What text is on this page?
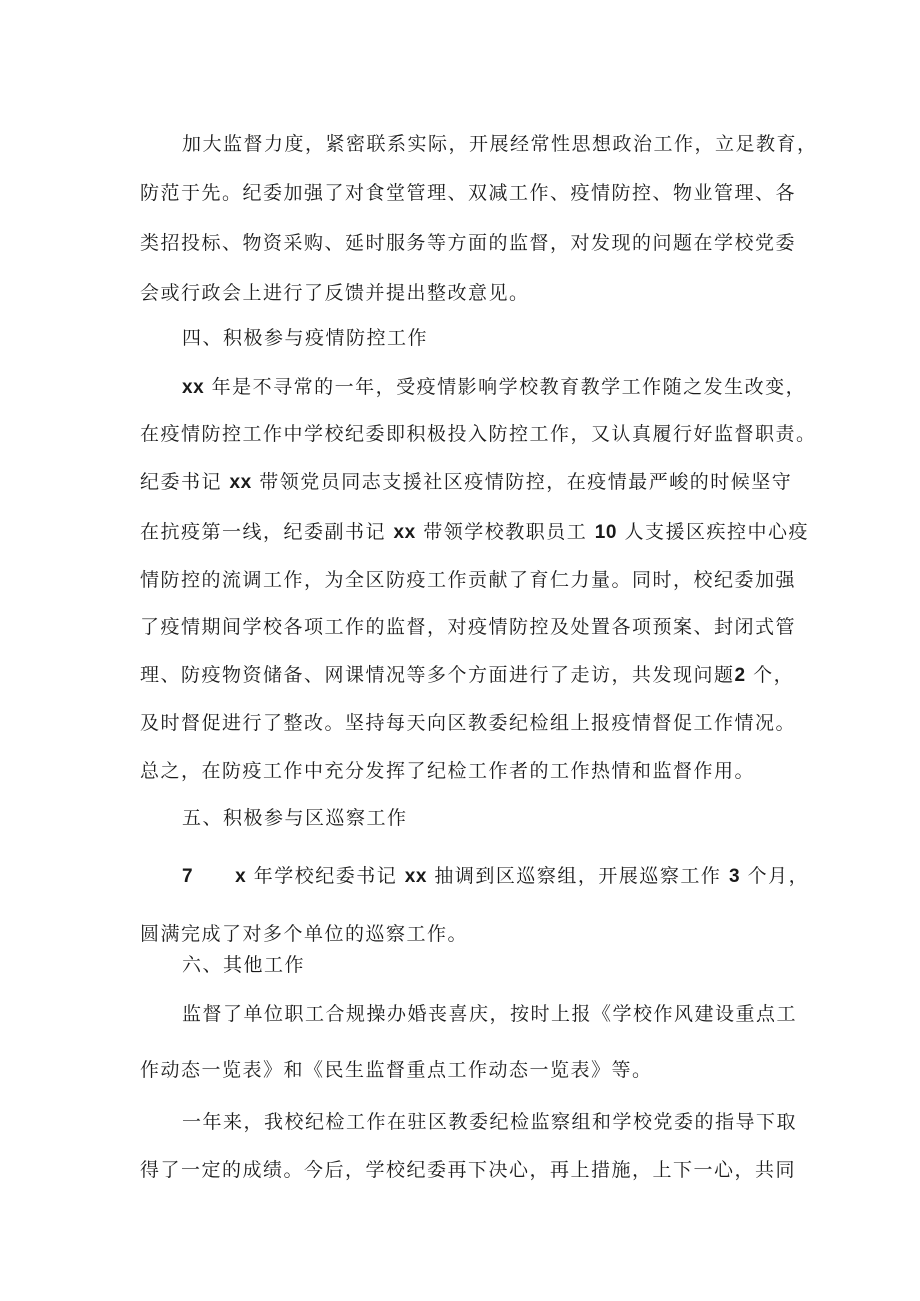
加大监督力度，紧密联系实际，开展经常性思想政治工作，立足教育，
防范于先。纪委加强了对食堂管理、双减工作、疫情防控、物业管理、各
类招投标、物资采购、延时服务等方面的监督，对发现的问题在学校党委
会或行政会上进行了反馈并提出整改意见。
四、积极参与疫情防控工作
xx 年是不寻常的一年，受疫情影响学校教育教学工作随之发生改变，
在疫情防控工作中学校纪委即积极投入防控工作，又认真履行好监督职责。
纪委书记 xx 带领党员同志支援社区疫情防控，在疫情最严峻的时候坚守
在抗疫第一线，纪委副书记 xx 带领学校教职员工 10 人支援区疾控中心疫
情防控的流调工作，为全区防疫工作贡献了育仁力量。同时，校纪委加强
了疫情期间学校各项工作的监督，对疫情防控及处置各项预案、封闭式管
理、防疫物资储备、网课情况等多个方面进行了走访，共发现问题2 个，
及时督促进行了整改。坚持每天向区教委纪检组上报疫情督促工作情况。
总之，在防疫工作中充分发挥了纪检工作者的工作热情和监督作用。
五、积极参与区巡察工作
7 x 年学校纪委书记 xx 抽调到区巡察组，开展巡察工作 3 个月，
圆满完成了对多个单位的巡察工作。
六、其他工作
监督了单位职工合规操办婚丧喜庆，按时上报《学校作风建设重点工
作动态一览表》和《民生监督重点工作动态一览表》等。
一年来，我校纪检工作在驻区教委纪检监察组和学校党委的指导下取
得了一定的成绩。今后，学校纪委再下决心，再上措施，上下一心，共同
